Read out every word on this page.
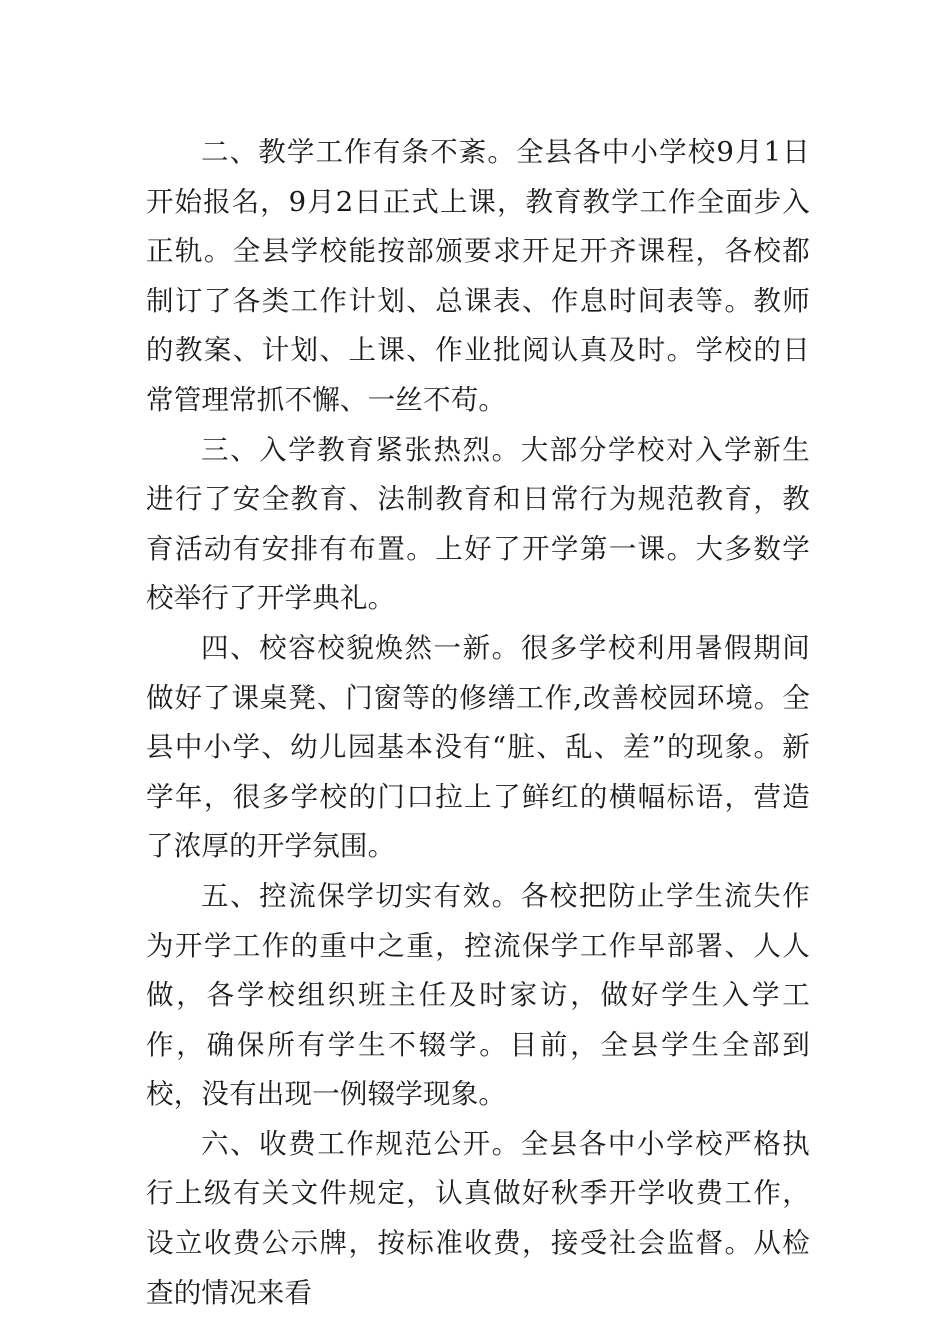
二、教学工作有条不紊。全县各中小学校9月1日开始报名，9月2日正式上课，教育教学工作全面步入正轨。全县学校能按部颁要求开足开齐课程，各校都制订了各类工作计划、总课表、作息时间表等。教师的教案、计划、上课、作业批阅认真及时。学校的日常管理常抓不懈、一丝不苟。

三、入学教育紧张热烈。大部分学校对入学新生进行了安全教育、法制教育和日常行为规范教育，教育活动有安排有布置。上好了开学第一课。大多数学校举行了开学典礼。

四、校容校貌焕然一新。很多学校利用暑假期间做好了课桌凳、门窗等的修缮工作,改善校园环境。全县中小学、幼儿园基本没有“脏、乱、差”的现象。新学年，很多学校的门口拉上了鲜红的横幅标语，营造了浓厚的开学氛围。

五、控流保学切实有效。各校把防止学生流失作为开学工作的重中之重，控流保学工作早部署、人人做，各学校组织班主任及时家访，做好学生入学工作，确保所有学生不辍学。目前，全县学生全部到校，没有出现一例辍学现象。

六、收费工作规范公开。全县各中小学校严格执行上级有关文件规定，认真做好秋季开学收费工作，设立收费公示牌，按标准收费，接受社会监督。从检查的情况来看
